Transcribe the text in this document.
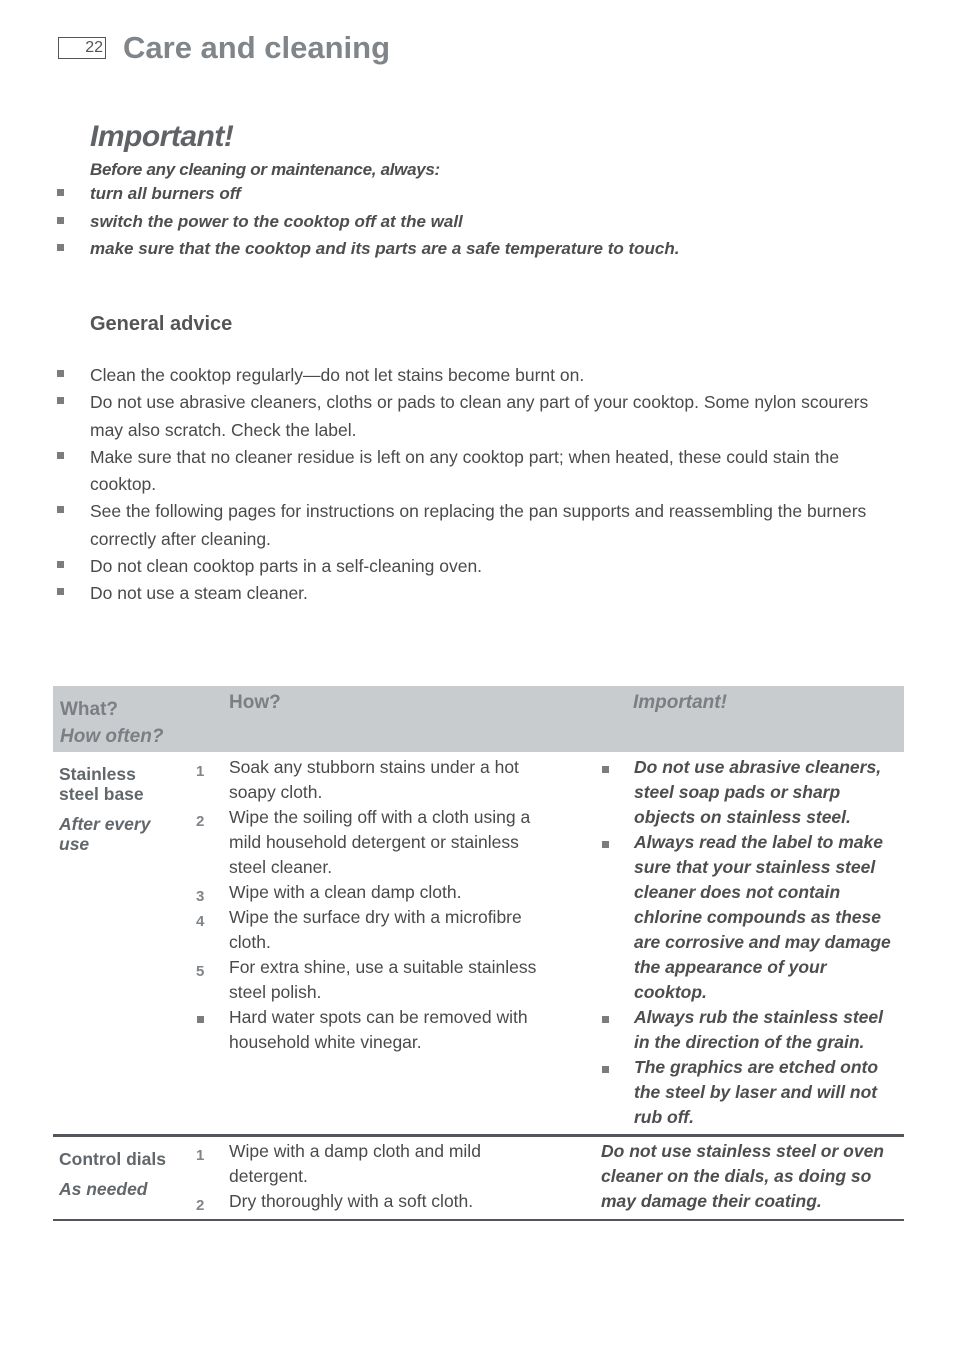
22 Care and cleaning
Important!
Before any cleaning or maintenance, always:
turn all burners off
switch the power to the cooktop off at the wall
make sure that the cooktop and its parts are a safe temperature to touch.
General advice
Clean the cooktop regularly—do not let stains become burnt on.
Do not use abrasive cleaners, cloths or pads to clean any part of your cooktop. Some nylon scourers may also scratch. Check the label.
Make sure that no cleaner residue is left on any cooktop part; when heated, these could stain the cooktop.
See the following pages for instructions on replacing the pan supports and reassembling the burners correctly after cleaning.
Do not clean cooktop parts in a self-cleaning oven.
Do not use a steam cleaner.
What?
How often?
How?	Important!
Stainless steel base
After every use
1 Soak any stubborn stains under a hot soapy cloth.
2 Wipe the soiling off with a cloth using a mild household detergent or stainless steel cleaner.
3 Wipe with a clean damp cloth.
4 Wipe the surface dry with a microfibre cloth.
5 For extra shine, use a suitable stainless steel polish.
Hard water spots can be removed with household white vinegar.
Do not use abrasive cleaners, steel soap pads or sharp objects on stainless steel.
Always read the label to make sure that your stainless steel cleaner does not contain chlorine compounds as these are corrosive and may damage the appearance of your cooktop.
Always rub the stainless steel in the direction of the grain.
The graphics are etched onto the steel by laser and will not rub off.
Control dials
As needed
1 Wipe with a damp cloth and mild detergent.
2 Dry thoroughly with a soft cloth.
Do not use stainless steel or oven cleaner on the dials, as doing so may damage their coating.
